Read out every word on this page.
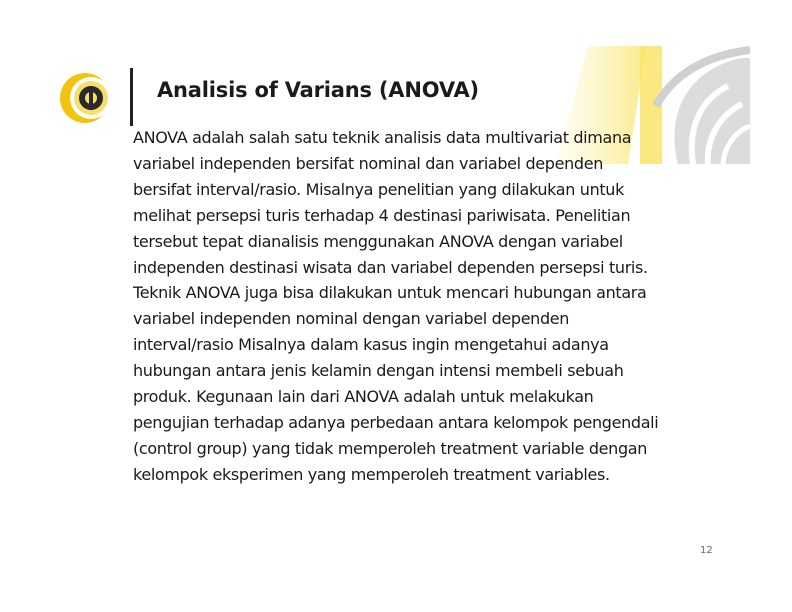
Analisis of Varians (ANOVA)
ANOVA adalah salah satu teknik analisis data multivariat dimana
variabel independen bersifat nominal dan variabel dependen
bersifat interval/rasio. Misalnya penelitian yang dilakukan untuk
melihat persepsi turis terhadap 4 destinasi pariwisata. Penelitian
tersebut tepat dianalisis menggunakan ANOVA dengan variabel
independen destinasi wisata dan variabel dependen persepsi turis.
Teknik ANOVA juga bisa dilakukan untuk mencari hubungan antara
variabel independen nominal dengan variabel dependen
interval/rasio Misalnya dalam kasus ingin mengetahui adanya
hubungan antara jenis kelamin dengan intensi membeli sebuah
produk. Kegunaan lain dari ANOVA adalah untuk melakukan
pengujian terhadap adanya perbedaan antara kelompok pengendali
(control group) yang tidak memperoleh treatment variable dengan
kelompok eksperimen yang memperoleh treatment variables.
12
